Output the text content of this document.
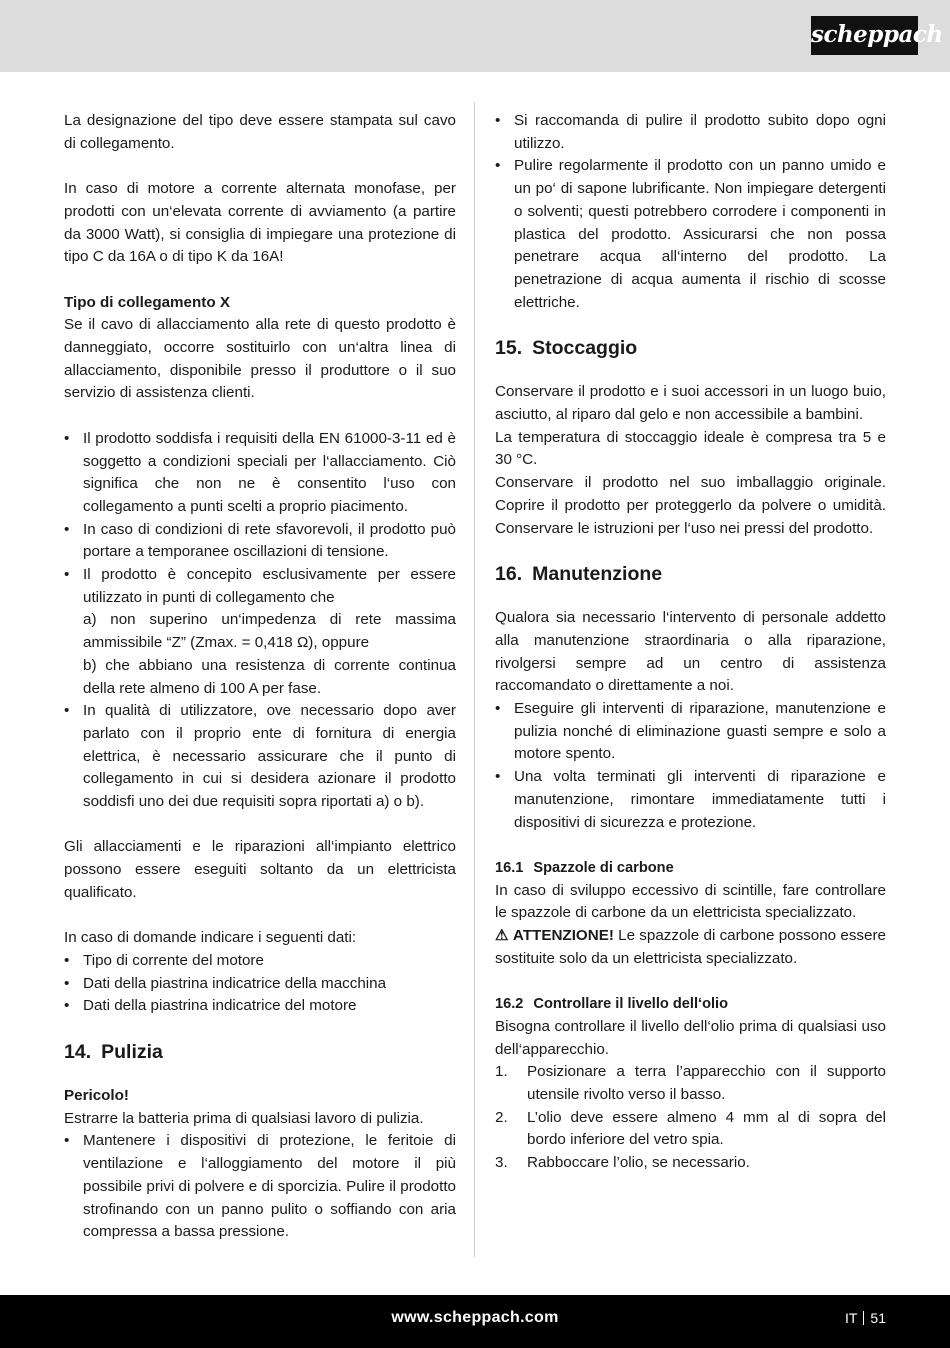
scheppach

La designazione del tipo deve essere stampata sul cavo di collegamento.

In caso di motore a corrente alternata monofase, per prodotti con un‘elevata corrente di avviamento (a partire da 3000 Watt), si consiglia di impiegare una protezione di tipo C da 16A o di tipo K da 16A!

Tipo di collegamento X

Se il cavo di allacciamento alla rete di questo prodotto è danneggiato, occorre sostituirlo con un‘altra linea di allacciamento, disponibile presso il produttore o il suo servizio di assistenza clienti.

• Il prodotto soddisfa i requisiti della EN 61000-3-11 ed è soggetto a condizioni speciali per l‘allacciamento. Ciò significa che non ne è consentito l‘uso con collegamento a punti scelti a proprio piacimento.
• In caso di condizioni di rete sfavorevoli, il prodotto può portare a temporanee oscillazioni di tensione.
• Il prodotto è concepito esclusivamente per essere utilizzato in punti di collegamento che
a) non superino un‘impedenza di rete massima ammissibile “Z” (Zmax. = 0,418 Ω), oppure
b) che abbiano una resistenza di corrente continua della rete almeno di 100 A per fase.
• In qualità di utilizzatore, ove necessario dopo aver parlato con il proprio ente di fornitura di energia elettrica, è necessario assicurare che il punto di collegamento in cui si desidera azionare il prodotto soddisfi uno dei due requisiti sopra riportati a) o b).

Gli allacciamenti e le riparazioni all‘impianto elettrico possono essere eseguiti soltanto da un elettricista qualificato.

In caso di domande indicare i seguenti dati:

• Tipo di corrente del motore
• Dati della piastrina indicatrice della macchina
• Dati della piastrina indicatrice del motore
14. Pulizia

Pericolo!

Estrarre la batteria prima di qualsiasi lavoro di pulizia.

• Mantenere i dispositivi di protezione, le feritoie di ventilazione e l‘alloggiamento del motore il più possibile privi di polvere e di sporcizia. Pulire il prodotto strofinando con un panno pulito o soffiando con aria compressa a bassa pressione.
• Si raccomanda di pulire il prodotto subito dopo ogni utilizzo.
• Pulire regolarmente il prodotto con un panno umido e un po‘ di sapone lubrificante. Non impiegare detergenti o solventi; questi potrebbero corrodere i componenti in plastica del prodotto. Assicurarsi che non possa penetrare acqua all‘interno del prodotto. La penetrazione di acqua aumenta il rischio di scosse elettriche.
15. Stoccaggio

Conservare il prodotto e i suoi accessori in un luogo buio, asciutto, al riparo dal gelo e non accessibile a bambini.

La temperatura di stoccaggio ideale è compresa tra 5 e 30 °C.

Conservare il prodotto nel suo imballaggio originale. Coprire il prodotto per proteggerlo da polvere o umidità. Conservare le istruzioni per l‘uso nei pressi del prodotto.

16. Manutenzione

Qualora sia necessario l‘intervento di personale addetto alla manutenzione straordinaria o alla riparazione, rivolgersi sempre ad un centro di assistenza raccomandato o direttamente a noi.

• Eseguire gli interventi di riparazione, manutenzione e pulizia nonché di eliminazione guasti sempre e solo a motore spento.
• Una volta terminati gli interventi di riparazione e manutenzione, rimontare immediatamente tutti i dispositivi di sicurezza e protezione.
16.1 Spazzole di carbone

In caso di sviluppo eccessivo di scintille, fare controllare le spazzole di carbone da un elettricista specializzato.

⚠ ATTENZIONE! Le spazzole di carbone possono essere sostituite solo da un elettricista specializzato.

16.2 Controllare il livello dell‘olio

Bisogna controllare il livello dell‘olio prima di qualsiasi uso dell‘apparecchio.

1. Posizionare a terra l’apparecchio con il supporto utensile rivolto verso il basso.
2. L’olio deve essere almeno 4 mm al di sopra del bordo inferiore del vetro spia.
3. Rabboccare l’olio, se necessario.
www.scheppach.com	IT 51
